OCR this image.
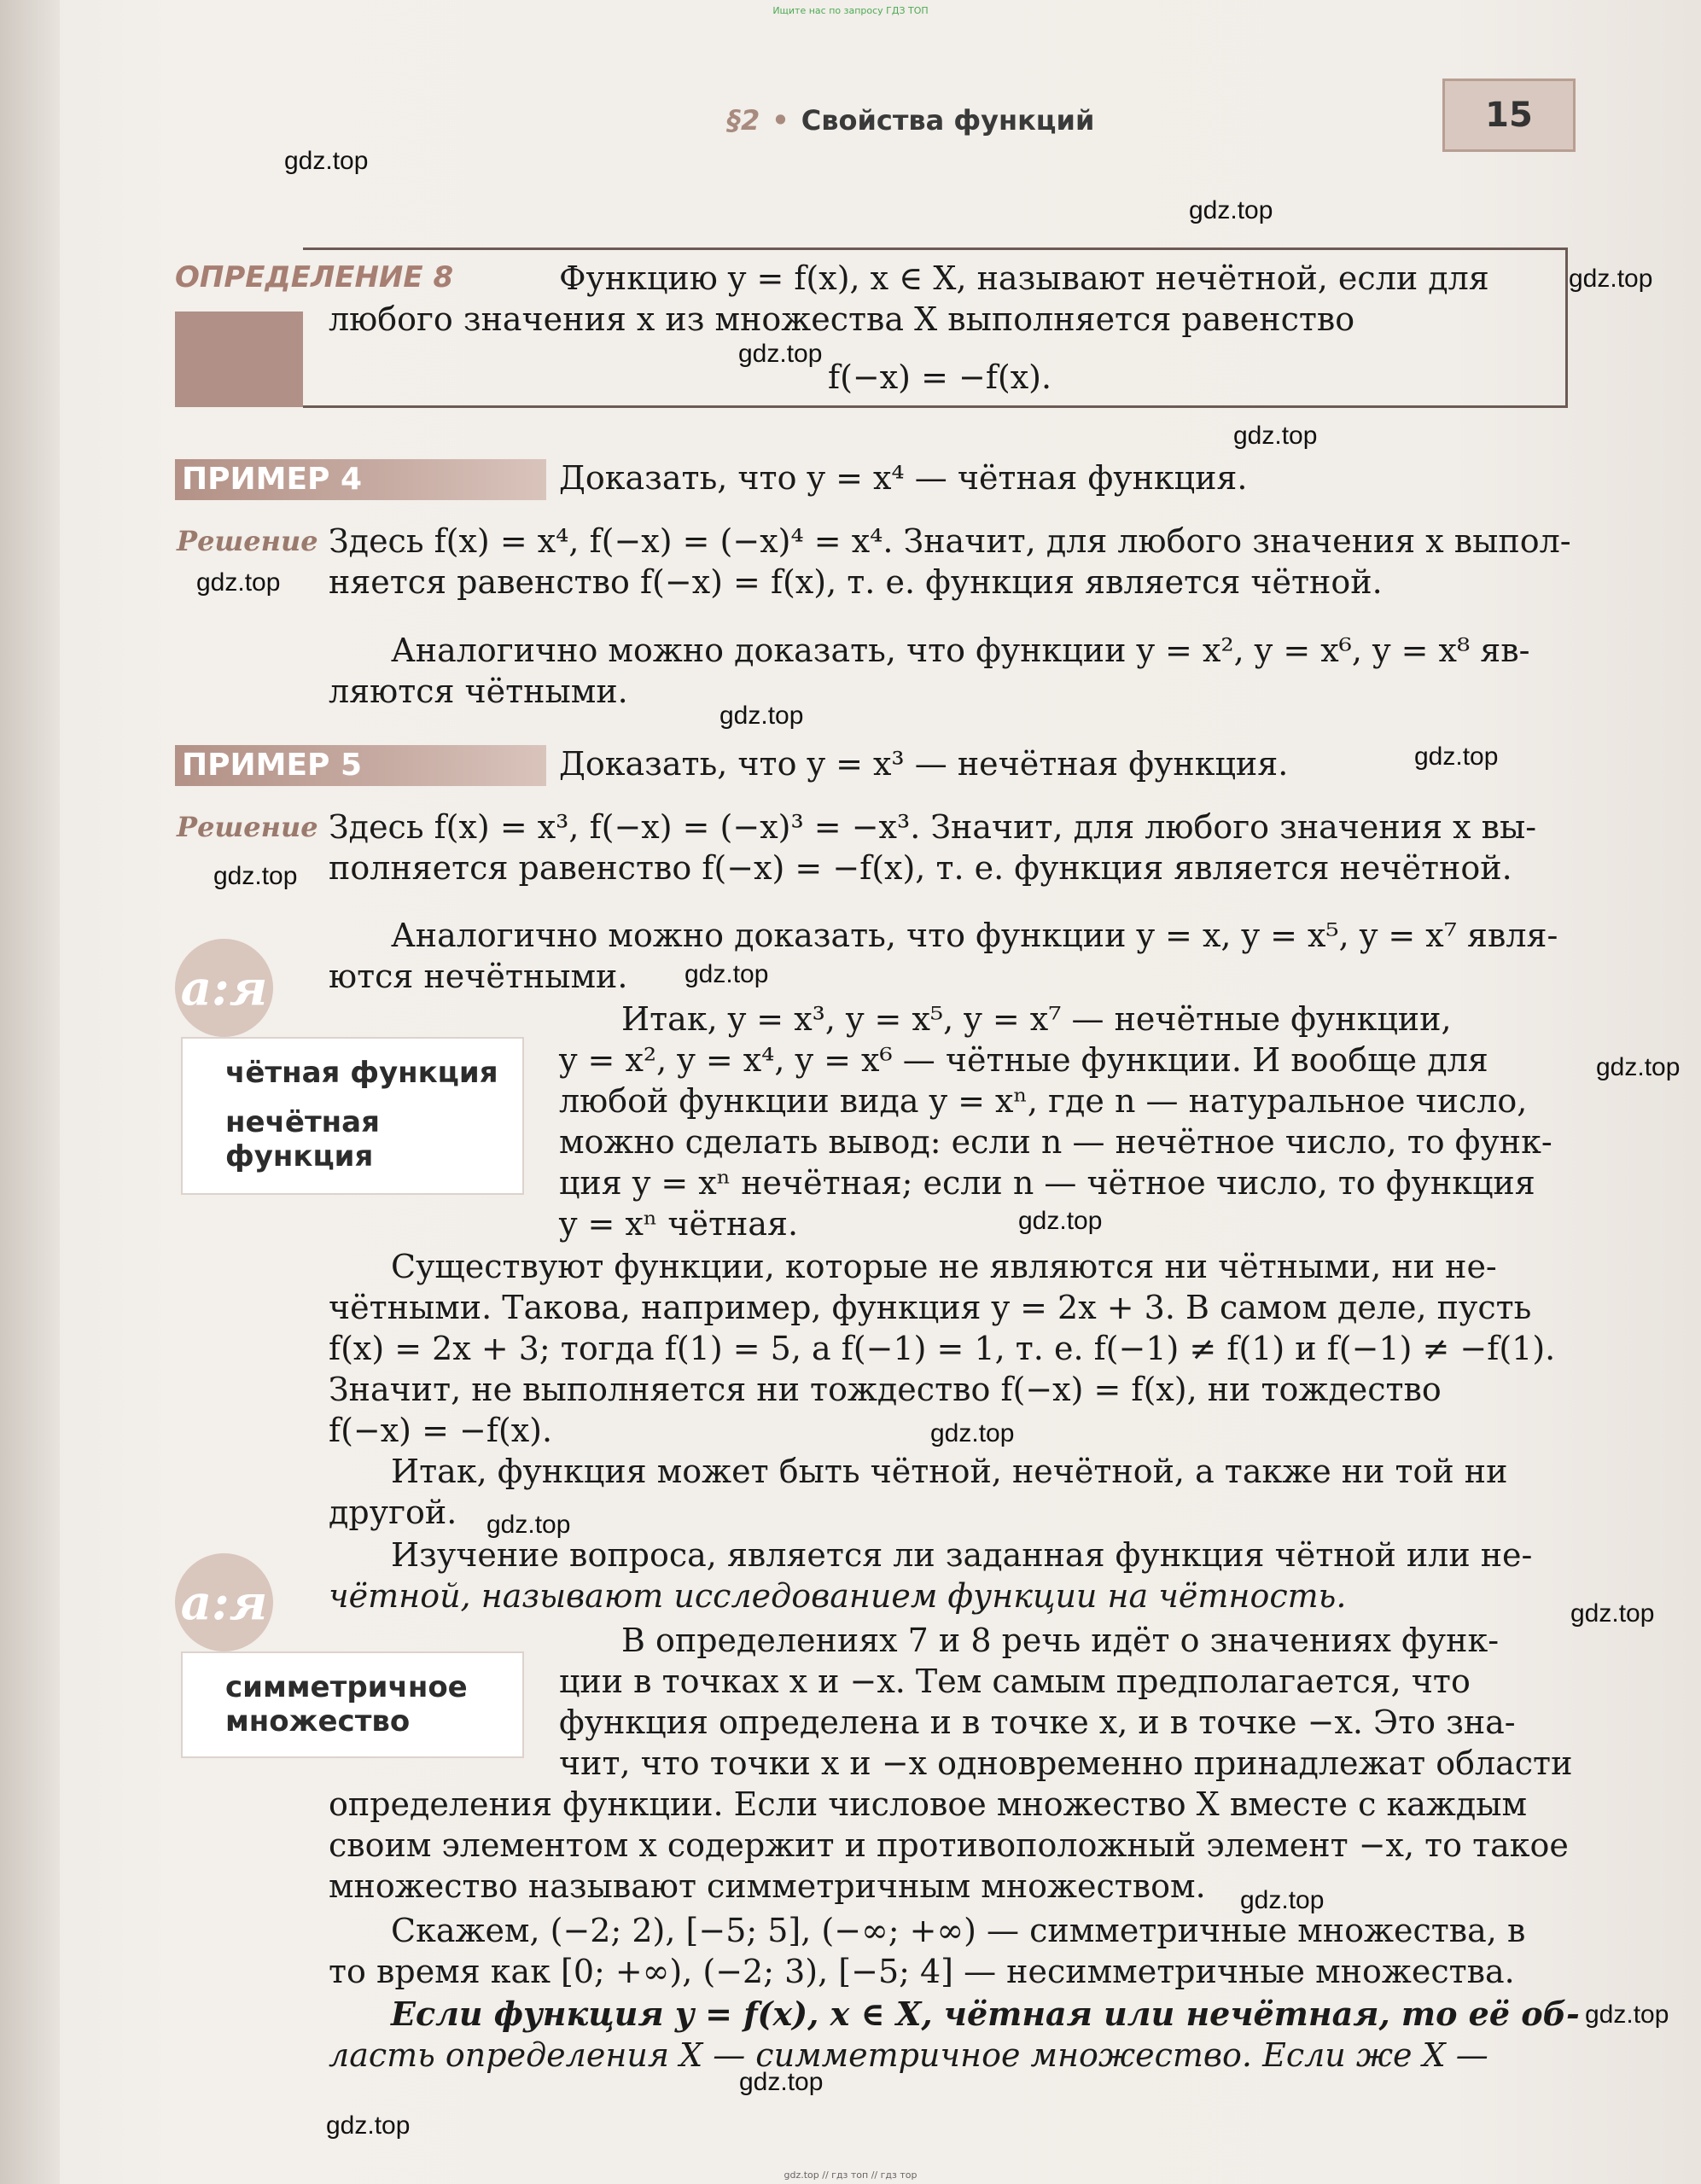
Ищите нас по запросу ГДЗ ТОП
§2 • Свойства функций	15
ОПРЕДЕЛЕНИЕ 8	Функцию y = f(x), x ∈ X, называют нечётной, если для
любого значения x из множества X выполняется равенство
f(−x) = −f(x).
ПРИМЕР 4	Доказать, что y = x⁴ — чётная функция.
Решение Здесь f(x) = x⁴, f(−x) = (−x)⁴ = x⁴. Значит, для любого значения x выпол-
няется равенство f(−x) = f(x), т. е. функция является чётной.
Аналогично можно доказать, что функции y = x², y = x⁶, y = x⁸ яв-
ляются чётными.
ПРИМЕР 5	Доказать, что y = x³ — нечётная функция.
Решение Здесь f(x) = x³, f(−x) = (−x)³ = −x³. Значит, для любого значения x вы-
полняется равенство f(−x) = −f(x), т. е. функция является нечётной.
Аналогично можно доказать, что функции y = x, y = x⁵, y = x⁷ явля-
ются нечётными.
а:я
чётная функция
нечётная
функция
Итак, y = x³, y = x⁵, y = x⁷ — нечётные функции,
y = x², y = x⁴, y = x⁶ — чётные функции. И вообще для
любой функции вида y = xⁿ, где n — натуральное число,
можно сделать вывод: если n — нечётное число, то функ-
ция y = xⁿ нечётная; если n — чётное число, то функция
y = xⁿ чётная.
Существуют функции, которые не являются ни чётными, ни не-
чётными. Такова, например, функция y = 2x + 3. В самом деле, пусть
f(x) = 2x + 3; тогда f(1) = 5, а f(−1) = 1, т. е. f(−1) ≠ f(1) и f(−1) ≠ −f(1).
Значит, не выполняется ни тождество f(−x) = f(x), ни тождество
f(−x) = −f(x).
Итак, функция может быть чётной, нечётной, а также ни той ни
другой.
Изучение вопроса, является ли заданная функция чётной или не-
чётной, называют исследованием функции на чётность.
а:я
симметричное
множество
В определениях 7 и 8 речь идёт о значениях функ-
ции в точках x и −x. Тем самым предполагается, что
функция определена и в точке x, и в точке −x. Это зна-
чит, что точки x и −x одновременно принадлежат области
определения функции. Если числовое множество X вместе с каждым
своим элементом x содержит и противоположный элемент −x, то такое
множество называют симметричным множеством.
Скажем, (−2; 2), [−5; 5], (−∞; +∞) — симметричные множества, в
то время как [0; +∞), (−2; 3), [−5; 4] — несимметричные множества.
Если функция y = f(x), x ∈ X, чётная или нечётная, то её об-
ласть определения X — симметричное множество. Если же X —
gdz.top
gdz.top
gdz.top
gdz.top
gdz.top
gdz.top
gdz.top
gdz.top
gdz.top
gdz.top
gdz.top
gdz.top
gdz.top
gdz.top
gdz.top
gdz.top
gdz.top
gdz.top
gdz.top
gdz.top // гдз топ // гдз тор
